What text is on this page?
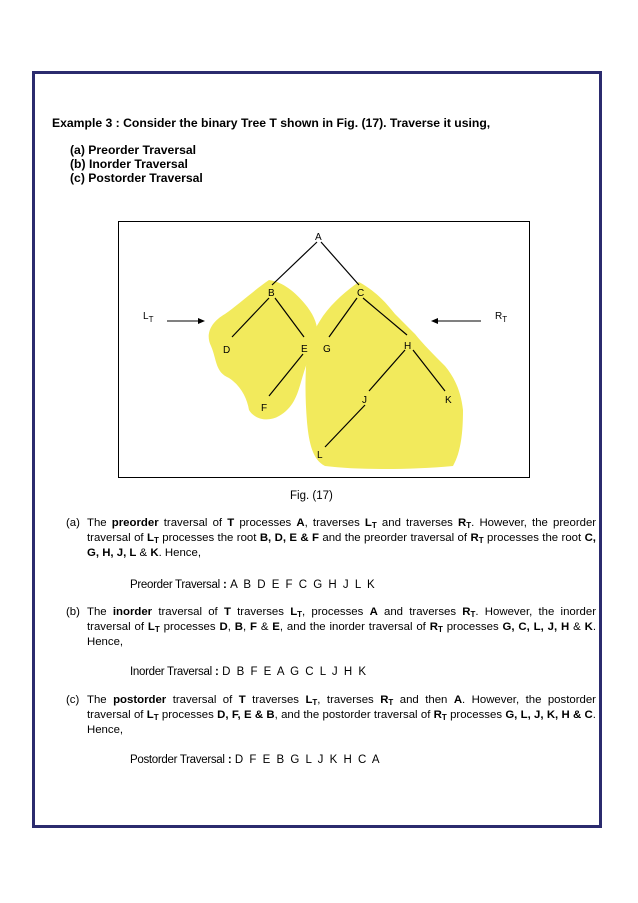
Example 3 : Consider the binary Tree T shown in Fig. (17). Traverse it using,
(a) Preorder Traversal
(b) Inorder Traversal
(c) Postorder Traversal
A
B	C
D	E G	H
F
J	K
L
$L_T$	$R_T$
Fig. (17)
(a) The preorder traversal of T processes A, traverses $L_T$ and traverses $R_T$. However, the preorder traversal of $L_T$ processes the root B, D, E & F and the preorder traversal of $R_T$ processes the root C, G, H, J, L & K. Hence,
Preorder Traversal : A B D E F C G H J L K
(b) The inorder traversal of T traverses $L_T$, processes A and traverses $R_T$. However, the inorder traversal of $L_T$ processes D, B, F & E, and the inorder traversal of $R_T$ processes G, C, L, J, H & K. Hence,
Inorder Traversal : D B F E A G C L J H K
(c) The postorder traversal of T traverses $L_T$, traverses $R_T$ and then A. However, the postorder traversal of $L_T$ processes D, F, E & B, and the postorder traversal of $R_T$ processes G, L, J, K, H & C. Hence,
Postorder Traversal : D F E B G L J K H C A
